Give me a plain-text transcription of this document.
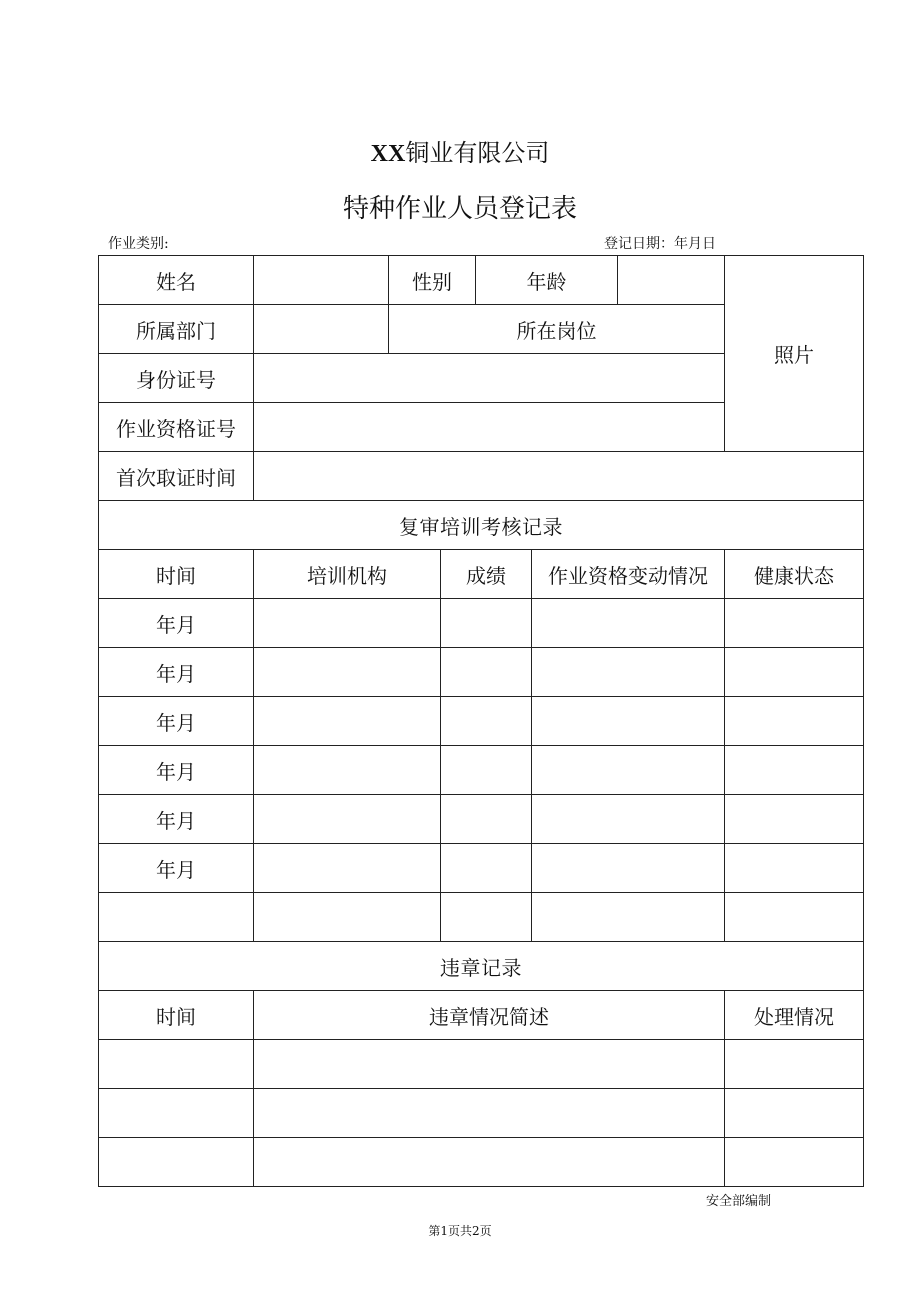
XX铜业有限公司
特种作业人员登记表
作业类别:	登记日期：年月日
姓名		性别		年龄			照片
所属部门		所在岗位					
身份证号							
作业资格证号							
首次取证时间							
复审培训考核记录							
时间	培训机构		成绩		作业资格变动情况		健康状态
年月							
年月							
年月							
年月							
年月							
年月							

违章记录							
时间	违章情况简述						处理情况

安全部编制
第1页共2页
